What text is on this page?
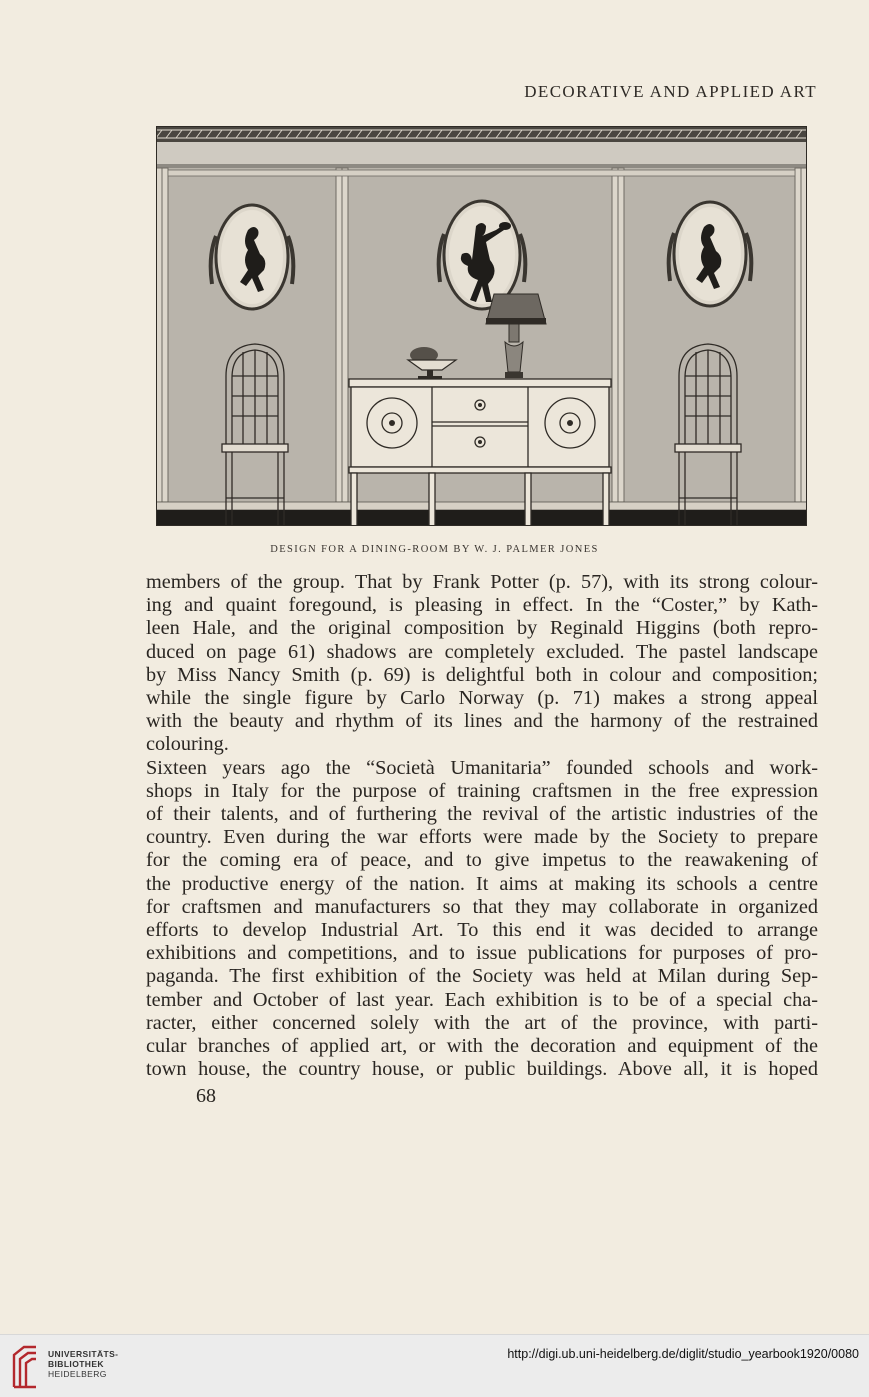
DECORATIVE AND APPLIED ART
DESIGN FOR A DINING-ROOM BY W. J. PALMER JONES
members of the group. That by Frank Potter (p. 57), with its strong colour-
ing and quaint foregound, is pleasing in effect. In the “Coster,” by Kath-
leen Hale, and the original composition by Reginald Higgins (both repro-
duced on page 61) shadows are completely excluded. The pastel landscape
by Miss Nancy Smith (p. 69) is delightful both in colour and composition;
while the single figure by Carlo Norway (p. 71) makes a strong appeal
with the beauty and rhythm of its lines and the harmony of the restrained
colouring.
Sixteen years ago the “Società Umanitaria” founded schools and work-
shops in Italy for the purpose of training craftsmen in the free expression
of their talents, and of furthering the revival of the artistic industries of the
country. Even during the war efforts were made by the Society to prepare
for the coming era of peace, and to give impetus to the reawakening of
the productive energy of the nation. It aims at making its schools a centre
for craftsmen and manufacturers so that they may collaborate in organized
efforts to develop Industrial Art. To this end it was decided to arrange
exhibitions and competitions, and to issue publications for purposes of pro-
paganda. The first exhibition of the Society was held at Milan during Sep-
tember and October of last year. Each exhibition is to be of a special cha-
racter, either concerned solely with the art of the province, with parti-
cular branches of applied art, or with the decoration and equipment of the
town house, the country house, or public buildings. Above all, it is hoped
68
UNIVERSITÄTS-
BIBLIOTHEK
HEIDELBERG
http://digi.ub.uni-heidelberg.de/diglit/studio_yearbook1920/0080
